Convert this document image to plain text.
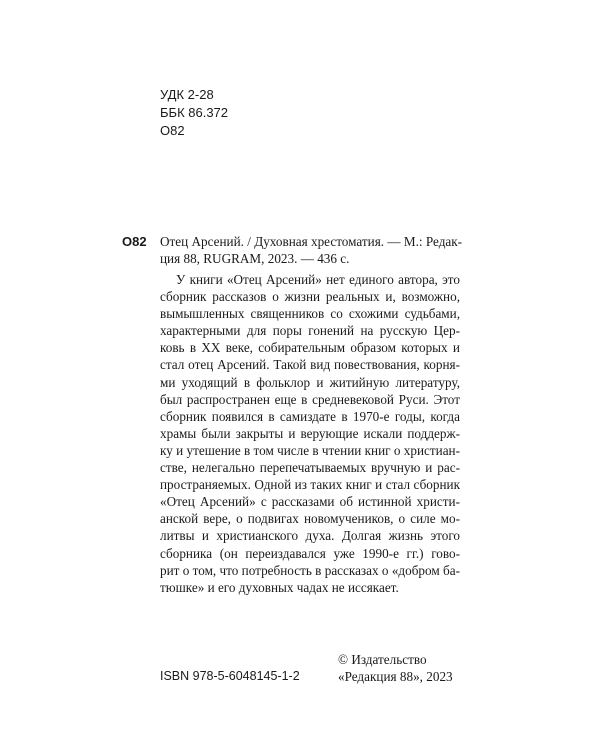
УДК 2-28
ББК 86.372
О82
О82 Отец Арсений. / Духовная хрестоматия. — М.: Редак-
ция 88, RUGRAM, 2023. — 436 с.
У книги «Отец Арсений» нет единого автора, это
сборник рассказов о жизни реальных и, возможно,
вымышленных священников со схожими судьбами,
характерными для поры гонений на русскую Цер-
ковь в XX веке, собирательным образом которых и
стал отец Арсений. Такой вид повествования, корня-
ми уходящий в фольклор и житийную литературу,
был распространен еще в средневековой Руси. Этот
сборник появился в самиздате в 1970-е годы, когда
храмы были закрыты и верующие искали поддерж-
ку и утешение в том числе в чтении книг о христиан-
стве, нелегально перепечатываемых вручную и рас-
пространяемых. Одной из таких книг и стал сборник
«Отец Арсений» с рассказами об истинной христи-
анской вере, о подвигах новомучеников, о силе мо-
литвы и христианского духа. Долгая жизнь этого
сборника (он переиздавался уже 1990-е гг.) гово-
рит о том, что потребность в рассказах о «добром ба-
тюшке» и его духовных чадах не иссякает.
ISBN 978-5-6048145-1-2
© Издательство
«Редакция 88», 2023
